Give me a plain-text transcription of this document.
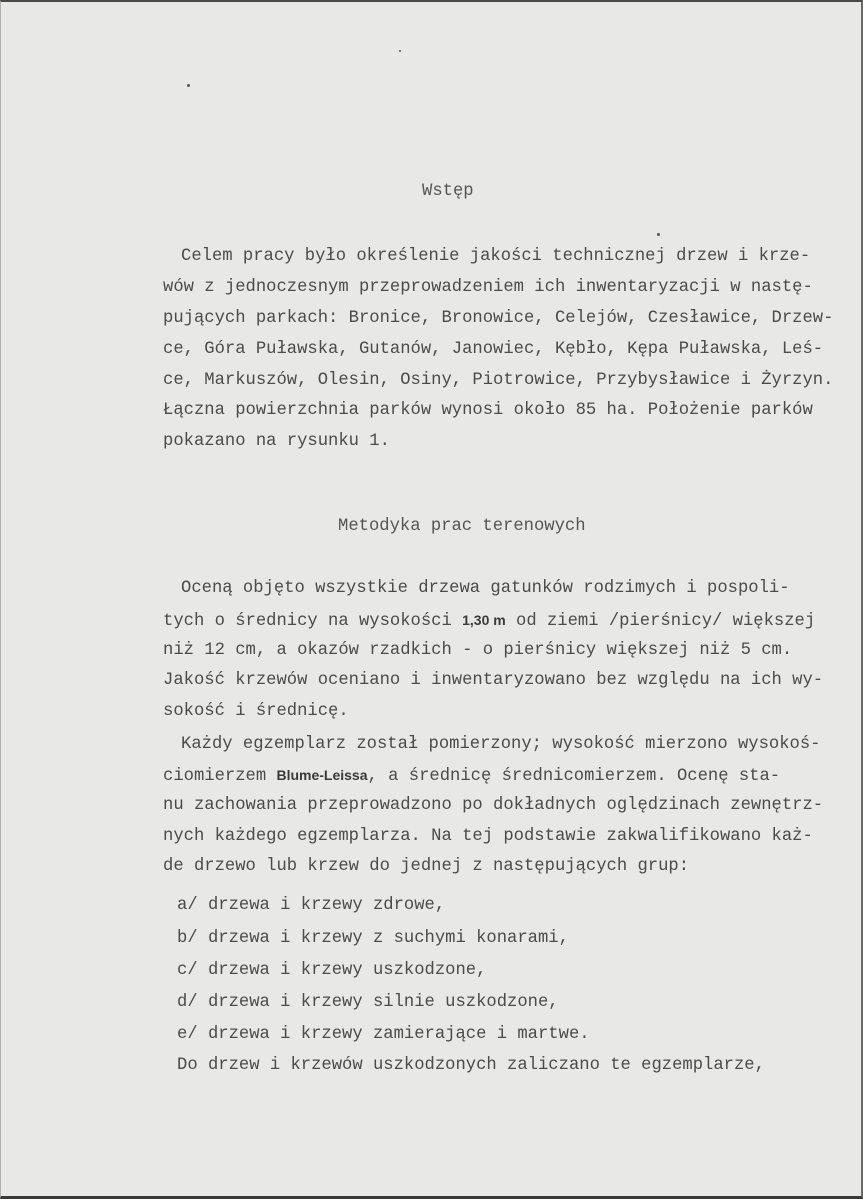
Wstęp
Celem pracy było określenie jakości technicznej drzew i krze-
wów z jednoczesnym przeprowadzeniem ich inwentaryzacji w nastę-
pujących parkach: Bronice, Bronowice, Celejów, Czesławice, Drzew-
ce, Góra Puławska, Gutanów, Janowiec, Kębło, Kępa Puławska, Leś-
ce, Markuszów, Olesin, Osiny, Piotrowice, Przybysławice i Żyrzyn.
Łączna powierzchnia parków wynosi około 85 ha. Położenie parków
pokazano na rysunku 1.
Metodyka prac terenowych
Oceną objęto wszystkie drzewa gatunków rodzimych i pospoli-
tych o średnicy na wysokości 1,30 m od ziemi /pierśnicy/ większej
niż 12 cm, a okazów rzadkich - o pierśnicy większej niż 5 cm.
Jakość krzewów oceniano i inwentaryzowano bez względu na ich wy-
sokość i średnicę.
Każdy egzemplarz został pomierzony; wysokość mierzono wysokoś-
ciomierzem Blume-Leissa, a średnicę średnicomierzem. Ocenę sta-
nu zachowania przeprowadzono po dokładnych oględzinach zewnętrz-
nych każdego egzemplarza. Na tej podstawie zakwalifikowano każ-
de drzewo lub krzew do jednej z następujących grup:
a/ drzewa i krzewy zdrowe,
b/ drzewa i krzewy z suchymi konarami,
c/ drzewa i krzewy uszkodzone,
d/ drzewa i krzewy silnie uszkodzone,
e/ drzewa i krzewy zamierające i martwe.
Do drzew i krzewów uszkodzonych zaliczano te egzemplarze,
